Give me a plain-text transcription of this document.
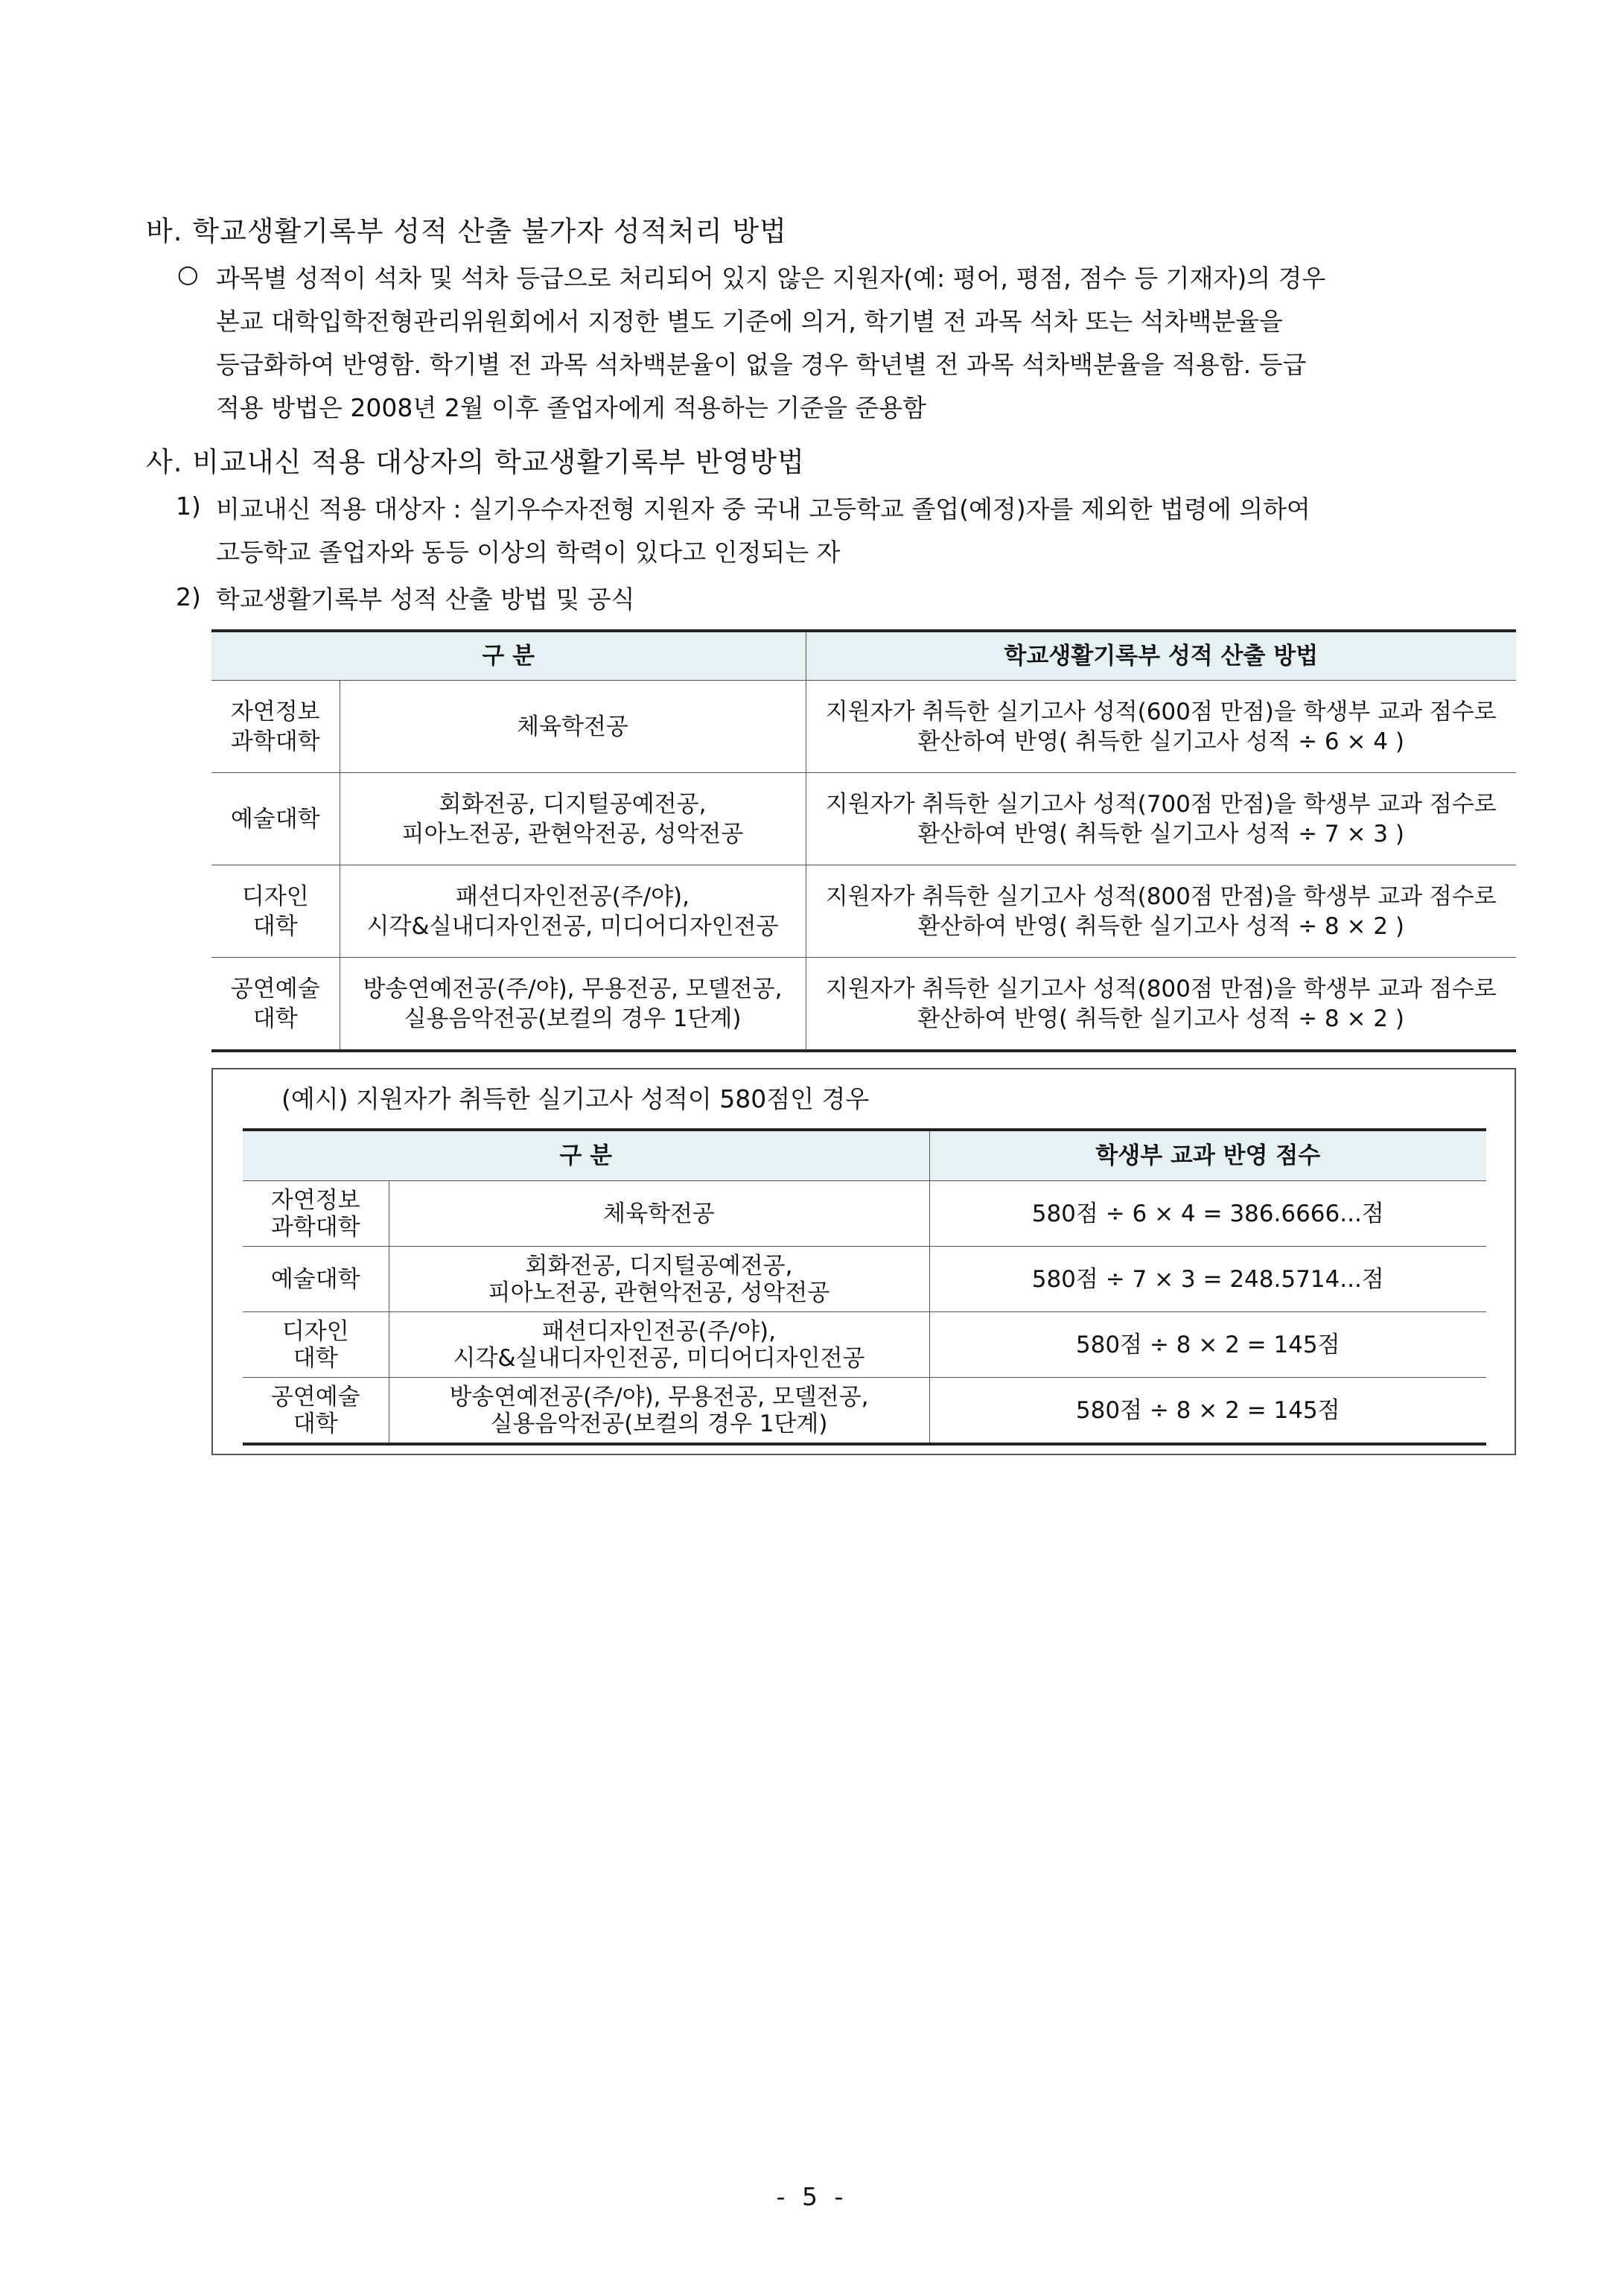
바. 학교생활기록부 성적 산출 불가자 성적처리 방법
○ 과목별 성적이 석차 및 석차 등급으로 처리되어 있지 않은 지원자(예: 평어, 평점, 점수 등 기재자)의 경우
본교 대학입학전형관리위원회에서 지정한 별도 기준에 의거, 학기별 전 과목 석차 또는 석차백분율을
등급화하여 반영함. 학기별 전 과목 석차백분율이 없을 경우 학년별 전 과목 석차백분율을 적용함. 등급
적용 방법은 2008년 2월 이후 졸업자에게 적용하는 기준을 준용함
사. 비교내신 적용 대상자의 학교생활기록부 반영방법
1) 비교내신 적용 대상자 : 실기우수자전형 지원자 중 국내 고등학교 졸업(예정)자를 제외한 법령에 의하여
고등학교 졸업자와 동등 이상의 학력이 있다고 인정되는 자
2) 학교생활기록부 성적 산출 방법 및 공식
구 분		학교생활기록부 성적 산출 방법

자연정보
과학대학	체육학전공	지원자가 취득한 실기고사 성적(600점 만점)을 학생부 교과 점수로
환산하여 반영( 취득한 실기고사 성적 ÷ 6 × 4 )

예술대학	회화전공, 디지털공예전공,
피아노전공, 관현악전공, 성악전공	지원자가 취득한 실기고사 성적(700점 만점)을 학생부 교과 점수로
환산하여 반영( 취득한 실기고사 성적 ÷ 7 × 3 )

디자인
대학	패션디자인전공(주/야),
시각&실내디자인전공, 미디어디자인전공	지원자가 취득한 실기고사 성적(800점 만점)을 학생부 교과 점수로
환산하여 반영( 취득한 실기고사 성적 ÷ 8 × 2 )

공연예술
대학	방송연예전공(주/야), 무용전공, 모델전공,
실용음악전공(보컬의 경우 1단계)	지원자가 취득한 실기고사 성적(800점 만점)을 학생부 교과 점수로
환산하여 반영( 취득한 실기고사 성적 ÷ 8 × 2 )
(예시) 지원자가 취득한 실기고사 성적이 580점인 경우
구 분		학생부 교과 반영 점수

자연정보
과학대학	체육학전공	580점 ÷ 6 × 4 = 386.6666...점

예술대학	회화전공, 디지털공예전공,
피아노전공, 관현악전공, 성악전공	580점 ÷ 7 × 3 = 248.5714...점

디자인
대학	패션디자인전공(주/야),
시각&실내디자인전공, 미디어디자인전공	580점 ÷ 8 × 2 = 145점

공연예술
대학	방송연예전공(주/야), 무용전공, 모델전공,
실용음악전공(보컬의 경우 1단계)	580점 ÷ 8 × 2 = 145점
- 5 -
